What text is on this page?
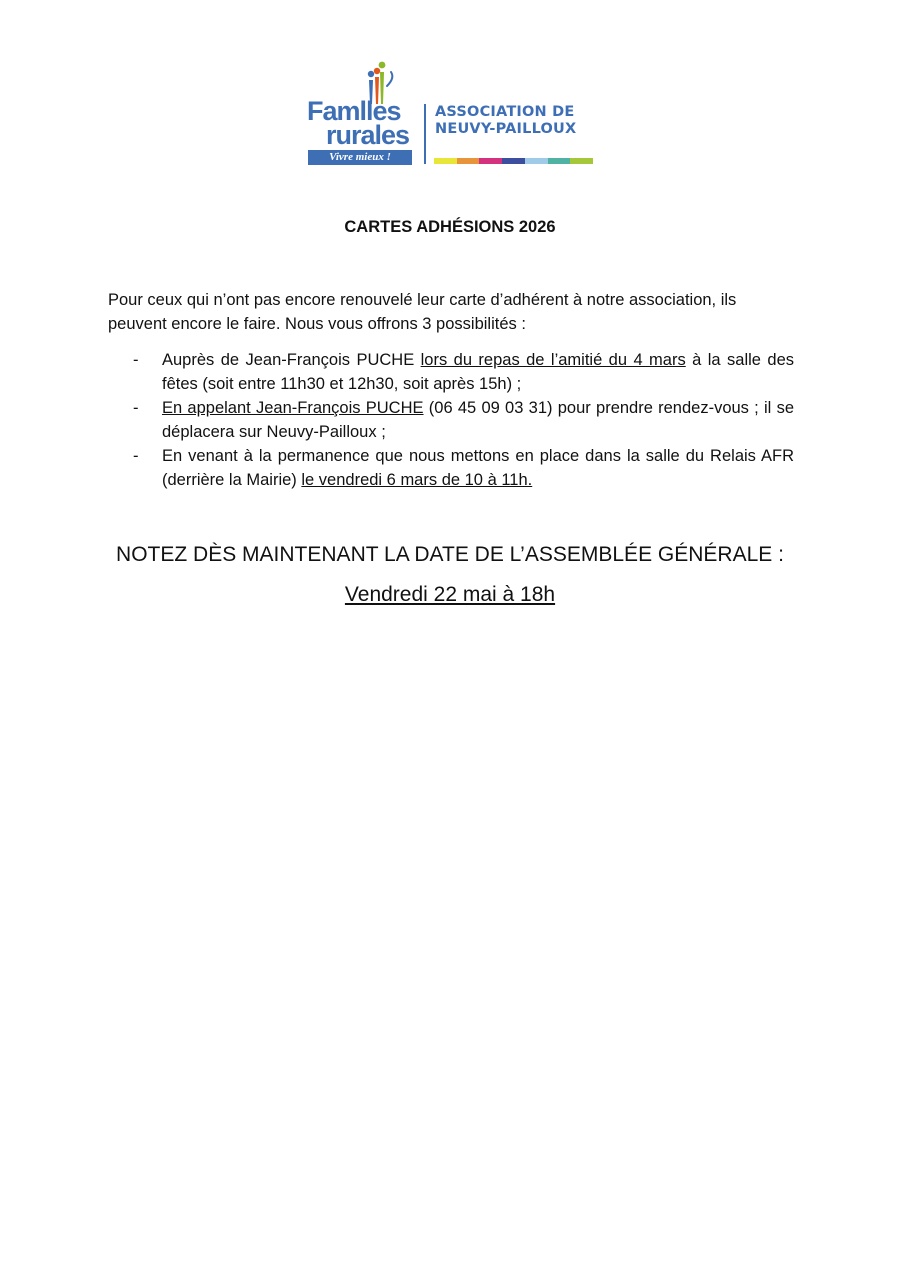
Famlles
rurales
Vivre mieux !
ASSOCIATION DE
NEUVY-PAILLOUX
CARTES ADHÉSIONS 2026

Pour ceux qui n’ont pas encore renouvelé leur carte d’adhérent à notre association, ils peuvent encore le faire. Nous vous offrons 3 possibilités :

- Auprès de Jean-François PUCHE lors du repas de l’amitié du 4 mars à la salle des fêtes (soit entre 11h30 et 12h30, soit après 15h) ;
- En appelant Jean-François PUCHE (06 45 09 03 31) pour prendre rendez-vous ; il se déplacera sur Neuvy-Pailloux ;
- En venant à la permanence que nous mettons en place dans la salle du Relais AFR (derrière la Mairie) le vendredi 6 mars de 10 à 11h.

NOTEZ DÈS MAINTENANT LA DATE DE L’ASSEMBLÉE GÉNÉRALE :

Vendredi 22 mai à 18h
